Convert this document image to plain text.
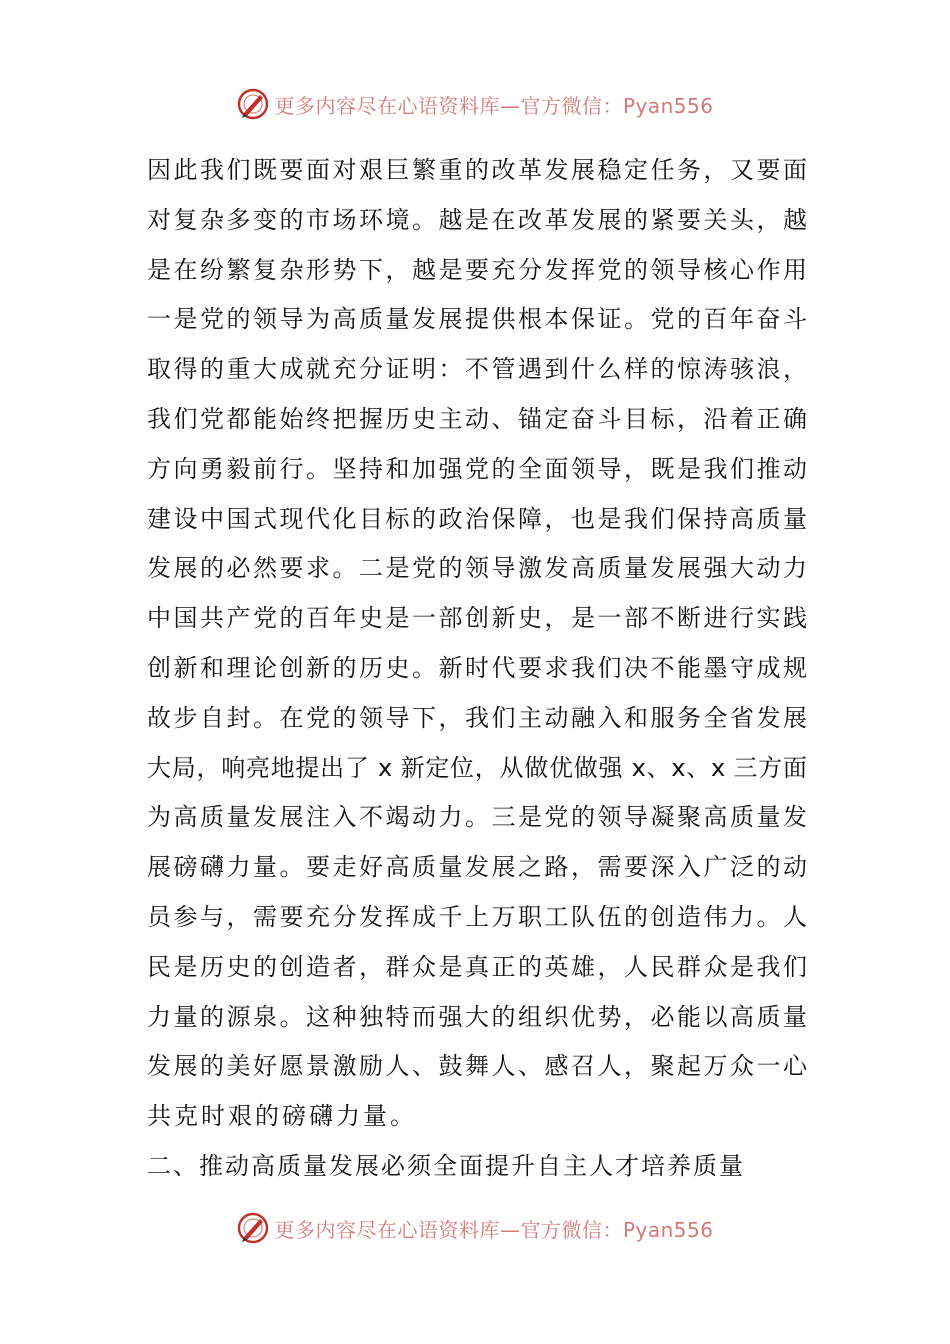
更多内容尽在心语资料库—官方微信：Pyan556
因此我们既要面对艰巨繁重的改革发展稳定任务，又要面
对复杂多变的市场环境。越是在改革发展的紧要关头，越
是在纷繁复杂形势下，越是要充分发挥党的领导核心作用
一是党的领导为高质量发展提供根本保证。党的百年奋斗
取得的重大成就充分证明：不管遇到什么样的惊涛骇浪，
我们党都能始终把握历史主动、锚定奋斗目标，沿着正确
方向勇毅前行。坚持和加强党的全面领导，既是我们推动
建设中国式现代化目标的政治保障，也是我们保持高质量
发展的必然要求。二是党的领导激发高质量发展强大动力
中国共产党的百年史是一部创新史，是一部不断进行实践
创新和理论创新的历史。新时代要求我们决不能墨守成规
故步自封。在党的领导下，我们主动融入和服务全省发展
大局，响亮地提出了 x 新定位，从做优做强 x、x、x 三方面
为高质量发展注入不竭动力。三是党的领导凝聚高质量发
展磅礴力量。要走好高质量发展之路，需要深入广泛的动
员参与，需要充分发挥成千上万职工队伍的创造伟力。人
民是历史的创造者，群众是真正的英雄，人民群众是我们
力量的源泉。这种独特而强大的组织优势，必能以高质量
发展的美好愿景激励人、鼓舞人、感召人，聚起万众一心
共克时艰的磅礴力量。
二、推动高质量发展必须全面提升自主人才培养质量
更多内容尽在心语资料库—官方微信：Pyan556
